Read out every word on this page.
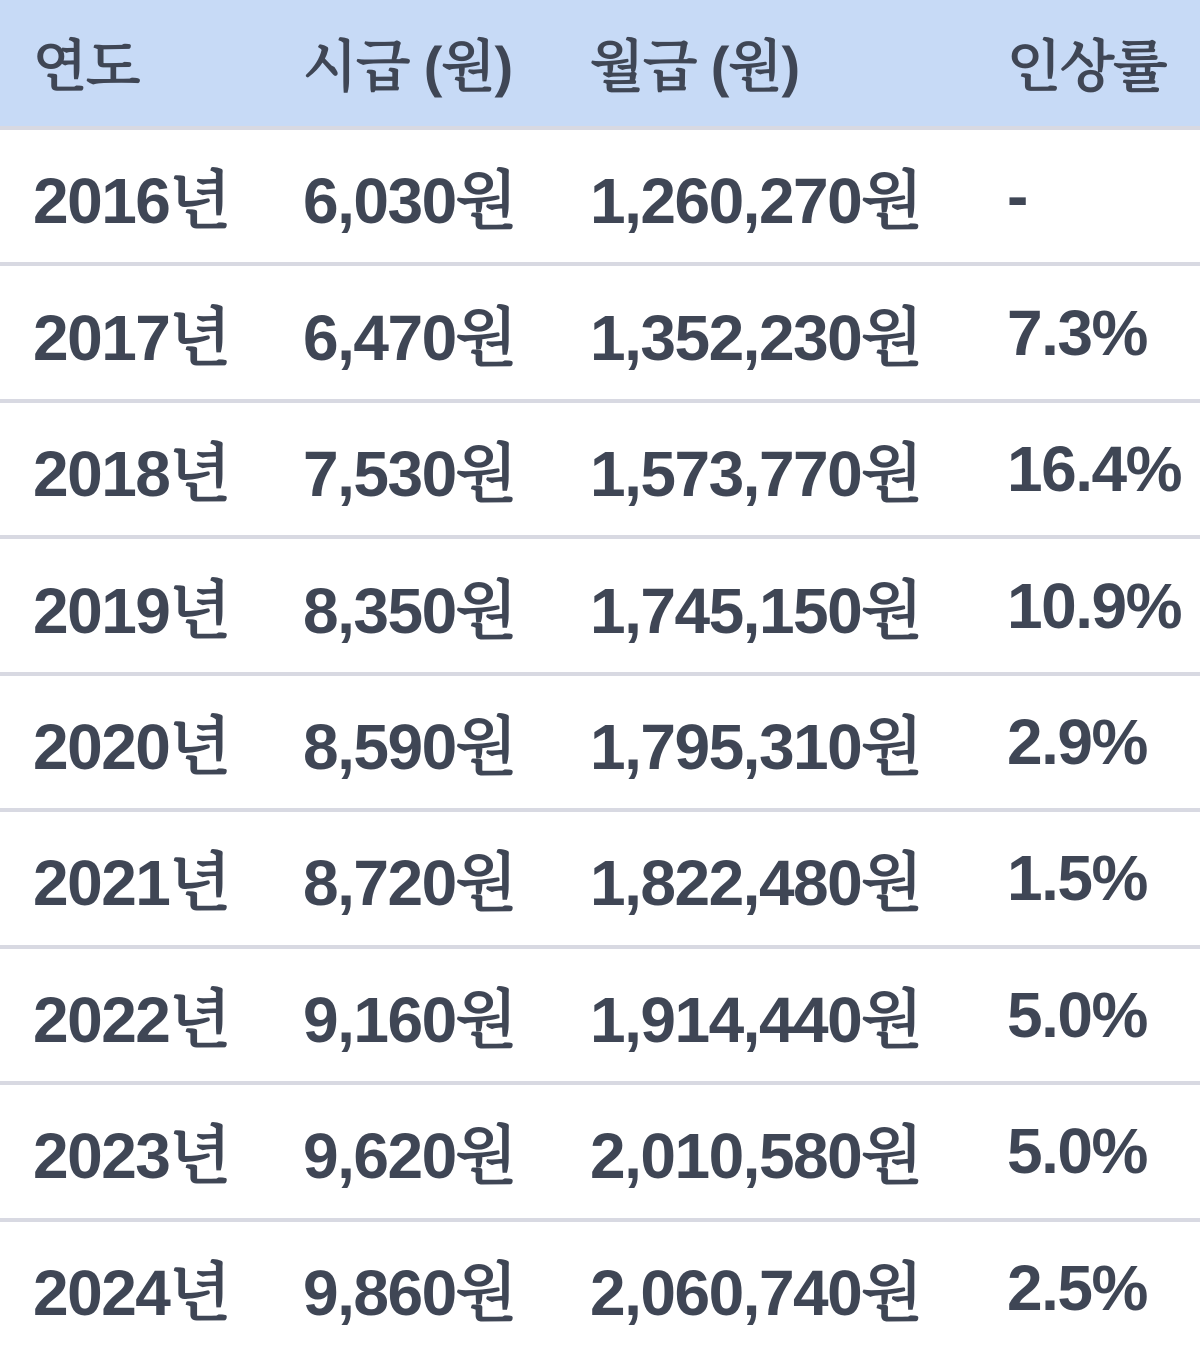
연도	시급 (원)	월급 (원)	인상률
2016년	6,030원	1,260,270원	-
2017년	6,470원	1,352,230원	7.3%
2018년	7,530원	1,573,770원	16.4%
2019년	8,350원	1,745,150원	10.9%
2020년	8,590원	1,795,310원	2.9%
2021년	8,720원	1,822,480원	1.5%
2022년	9,160원	1,914,440원	5.0%
2023년	9,620원	2,010,580원	5.0%
2024년	9,860원	2,060,740원	2.5%
